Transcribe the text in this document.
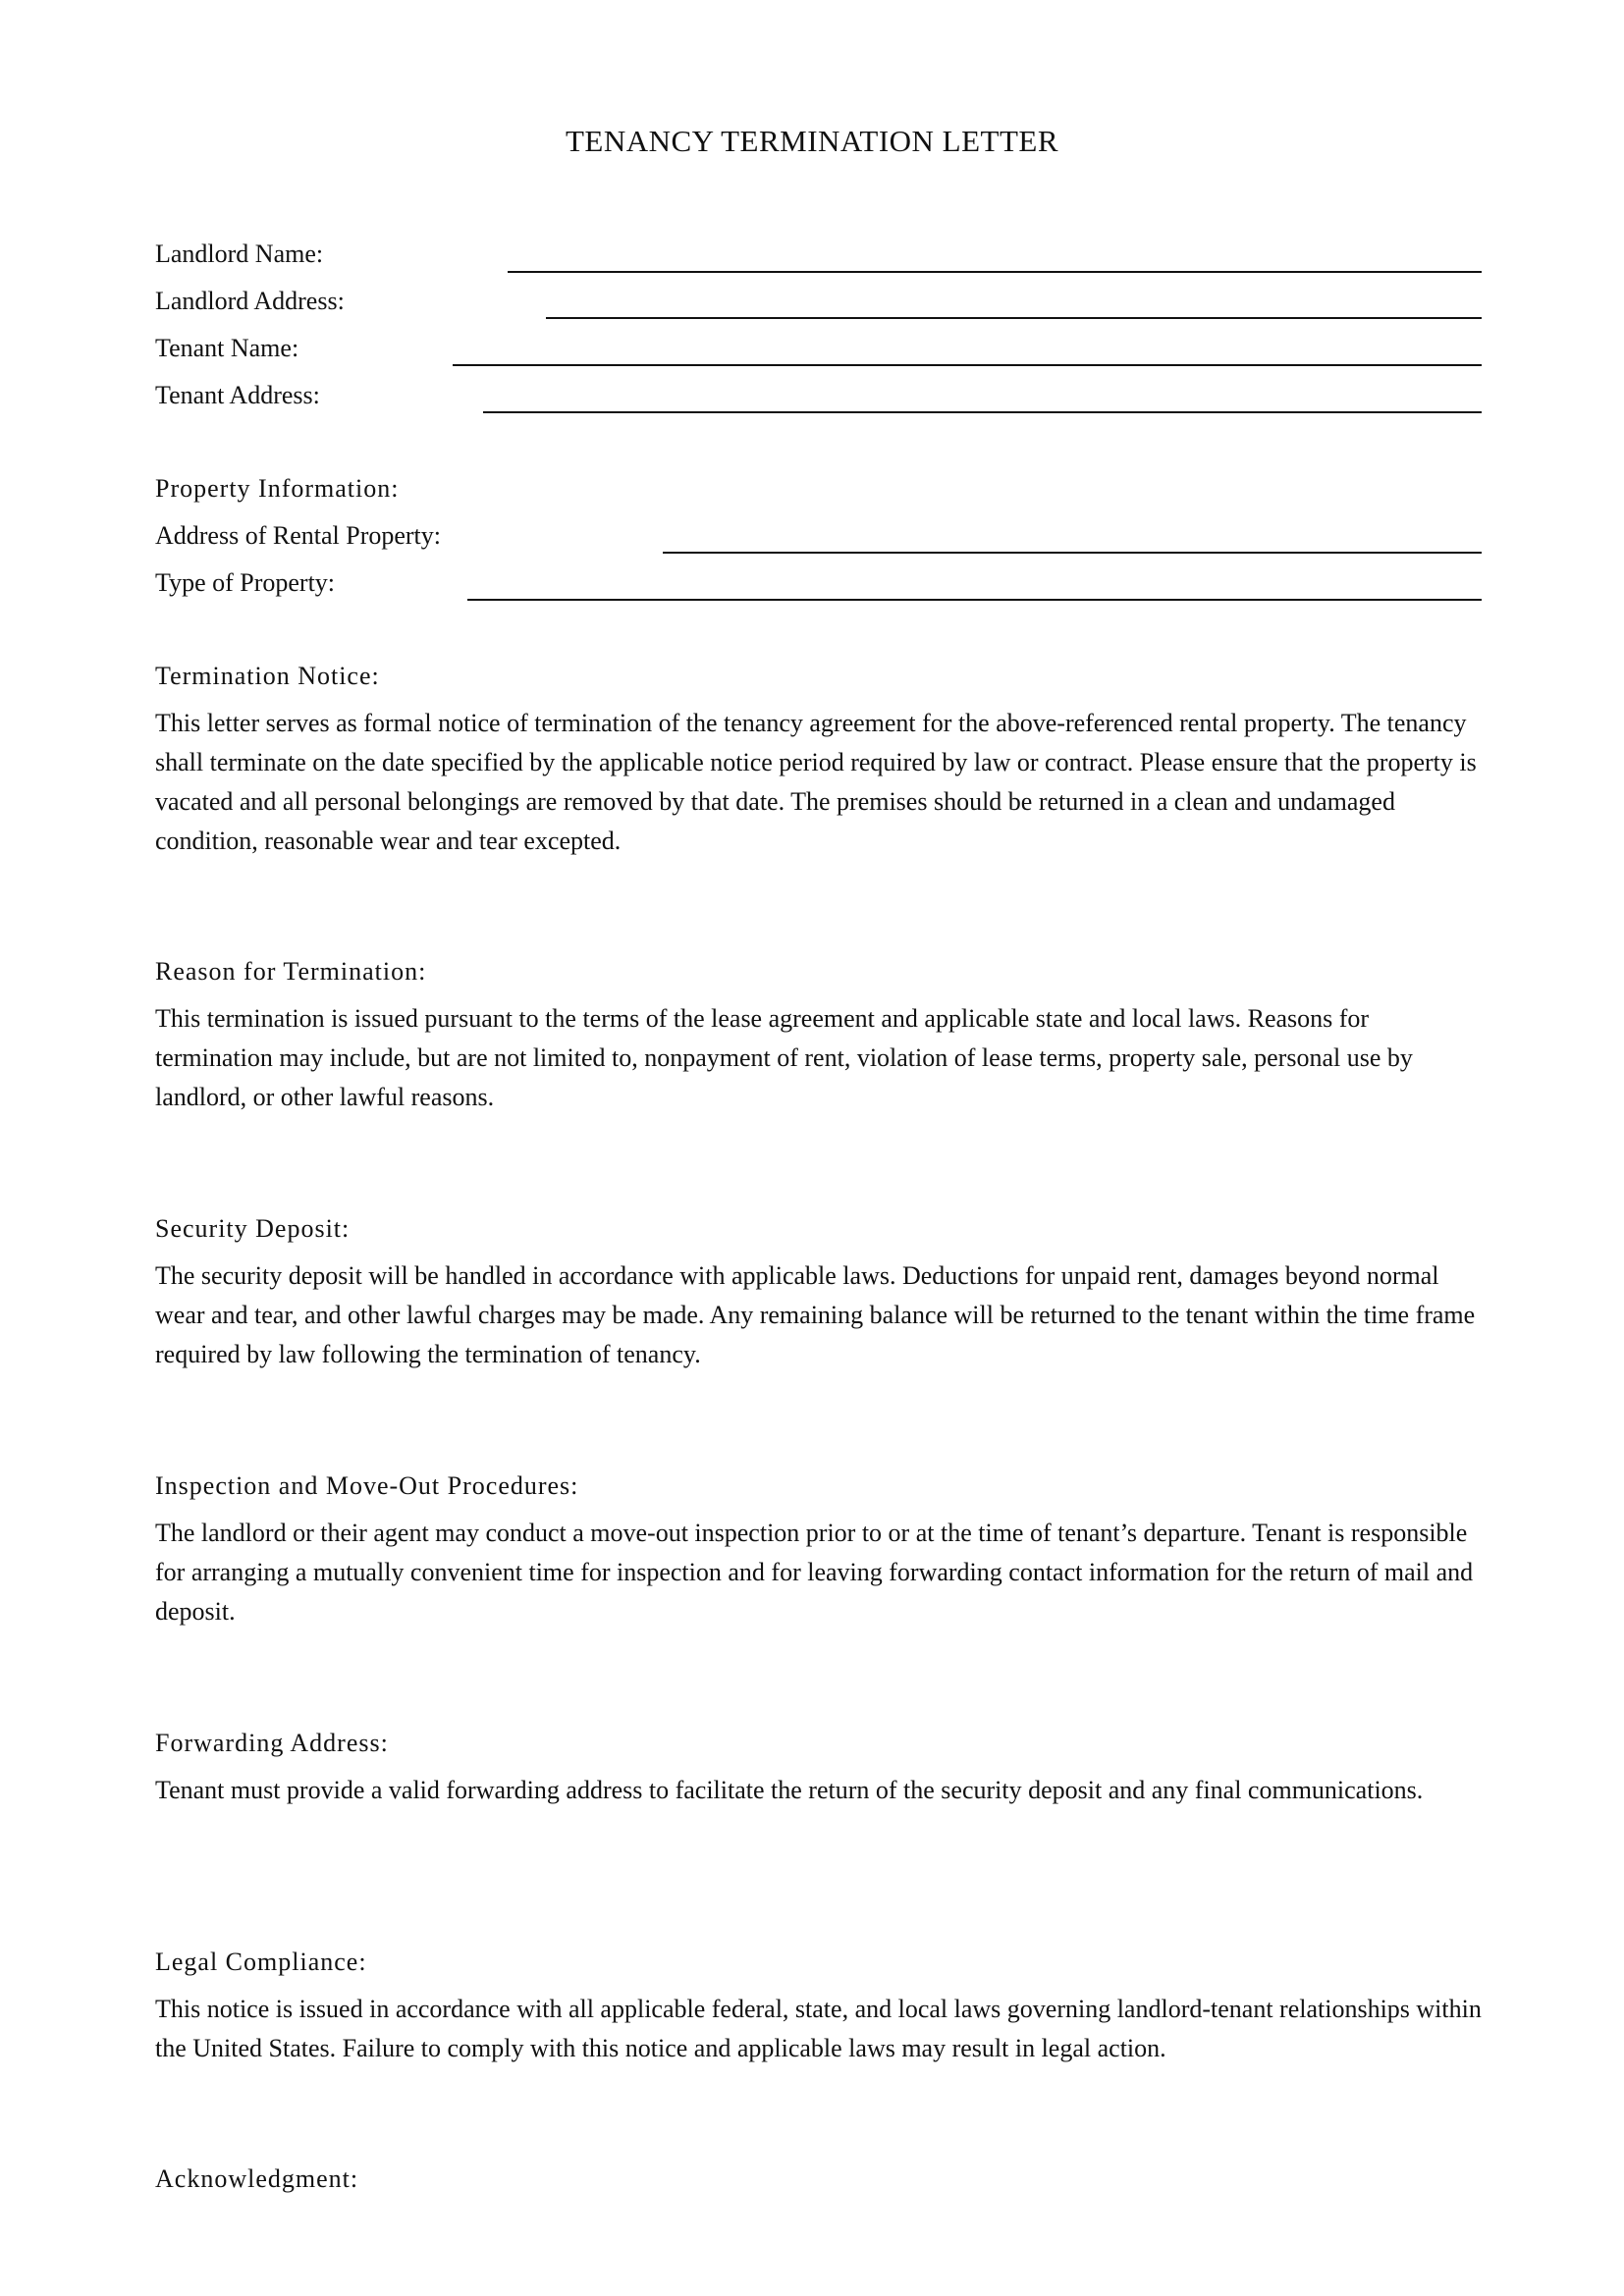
TENANCY TERMINATION LETTER
Landlord Name:
Landlord Address:
Tenant Name:
Tenant Address:
Property Information:
Address of Rental Property:
Type of Property:
Termination Notice:

This letter serves as formal notice of termination of the tenancy agreement for the above-referenced rental property. The tenancy shall terminate on the date specified by the applicable notice period required by law or contract. Please ensure that the property is vacated and all personal belongings are removed by that date. The premises should be returned in a clean and undamaged condition, reasonable wear and tear excepted.

Reason for Termination:

This termination is issued pursuant to the terms of the lease agreement and applicable state and local laws. Reasons for termination may include, but are not limited to, nonpayment of rent, violation of lease terms, property sale, personal use by landlord, or other lawful reasons.

Security Deposit:

The security deposit will be handled in accordance with applicable laws. Deductions for unpaid rent, damages beyond normal wear and tear, and other lawful charges may be made. Any remaining balance will be returned to the tenant within the time frame required by law following the termination of tenancy.

Inspection and Move-Out Procedures:

The landlord or their agent may conduct a move-out inspection prior to or at the time of tenant’s departure. Tenant is responsible for arranging a mutually convenient time for inspection and for leaving forwarding contact information for the return of mail and deposit.

Forwarding Address:

Tenant must provide a valid forwarding address to facilitate the return of the security deposit and any final communications.

Legal Compliance:

This notice is issued in accordance with all applicable federal, state, and local laws governing landlord-tenant relationships within the United States. Failure to comply with this notice and applicable laws may result in legal action.

Acknowledgment:
